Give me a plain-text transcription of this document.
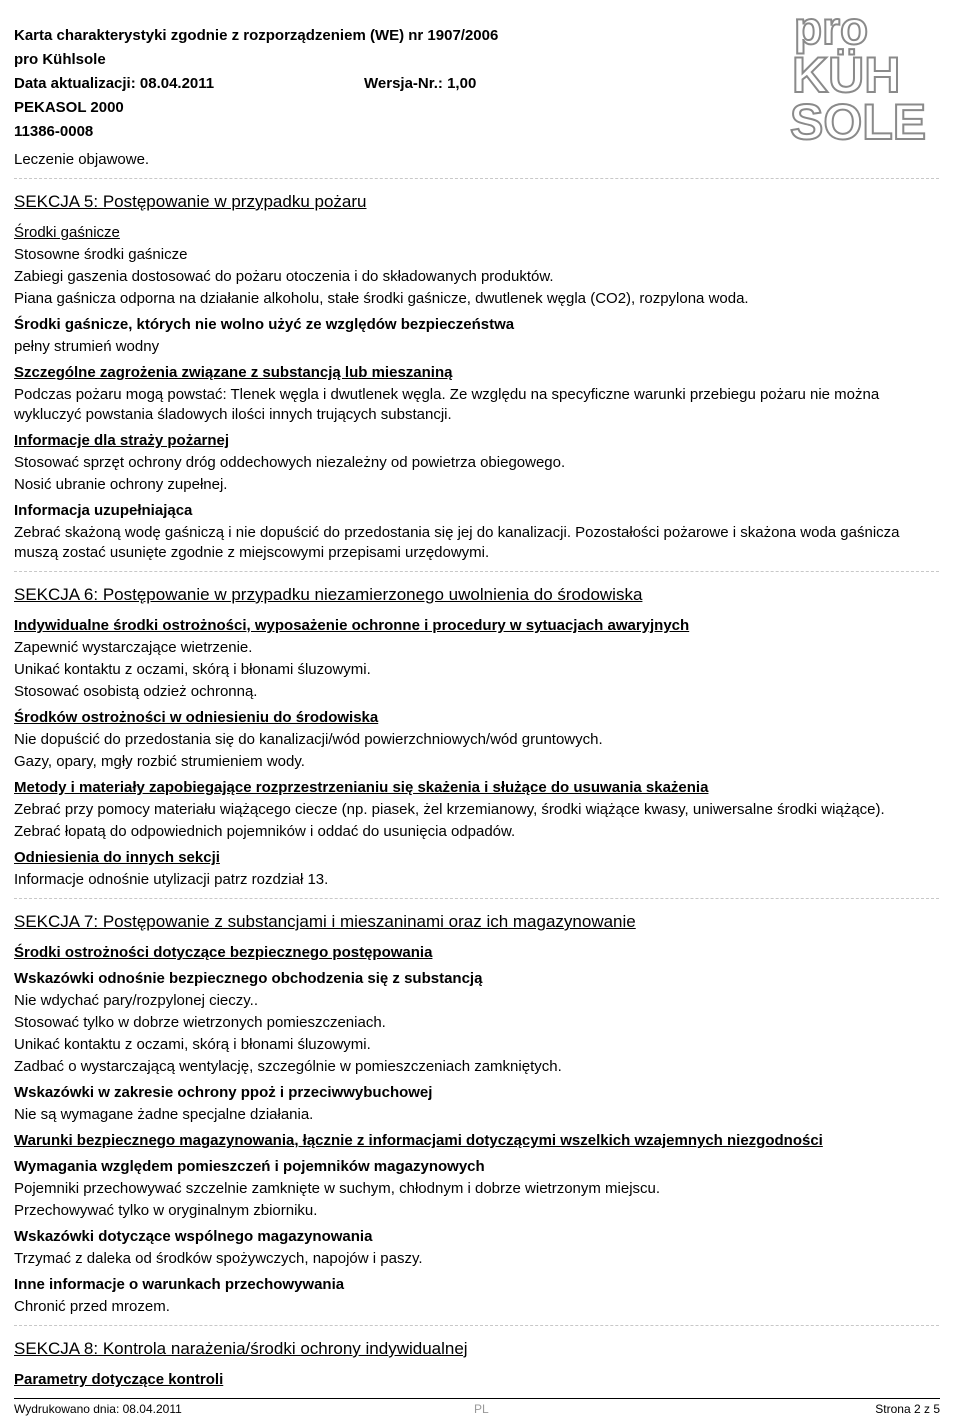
Karta charakterystyki zgodnie z rozporządzeniem (WE) nr 1907/2006
pro Kühlsole
Data aktualizacji: 08.04.2011	Wersja-Nr.: 1,00
PEKASOL 2000
11386-0008
pro
KÜH
SOLE
Leczenie objawowe.
SEKCJA 5: Postępowanie w przypadku pożaru
Środki gaśnicze
Stosowne środki gaśnicze
Zabiegi gaszenia dostosować do pożaru otoczenia i do składowanych produktów.
Piana gaśnicza odporna na działanie alkoholu, stałe środki gaśnicze, dwutlenek węgla (CO2), rozpylona woda.
Środki gaśnicze, których nie wolno użyć ze względów bezpieczeństwa
pełny strumień wodny
Szczególne zagrożenia związane z substancją lub mieszaniną
Podczas pożaru mogą powstać: Tlenek węgla i dwutlenek węgla. Ze względu na specyficzne warunki przebiegu pożaru nie można wykluczyć powstania śladowych ilości innych trujących substancji.
Informacje dla straży pożarnej
Stosować sprzęt ochrony dróg oddechowych niezależny od powietrza obiegowego.
Nosić ubranie ochrony zupełnej.
Informacja uzupełniająca
Zebrać skażoną wodę gaśniczą i nie dopuścić do przedostania się jej do kanalizacji. Pozostałości pożarowe i skażona woda gaśnicza muszą zostać usunięte zgodnie z miejscowymi przepisami urzędowymi.
SEKCJA 6: Postępowanie w przypadku niezamierzonego uwolnienia do środowiska
Indywidualne środki ostrożności, wyposażenie ochronne i procedury w sytuacjach awaryjnych
Zapewnić wystarczające wietrzenie.
Unikać kontaktu z oczami, skórą i błonami śluzowymi.
Stosować osobistą odzież ochronną.
Środków ostrożności w odniesieniu do środowiska
Nie dopuścić do przedostania się do kanalizacji/wód powierzchniowych/wód gruntowych.
Gazy, opary, mgły rozbić strumieniem wody.
Metody i materiały zapobiegające rozprzestrzenianiu się skażenia i służące do usuwania skażenia
Zebrać przy pomocy materiału wiążącego ciecze (np. piasek, żel krzemianowy, środki wiążące kwasy, uniwersalne środki wiążące).
Zebrać łopatą do odpowiednich pojemników i oddać do usunięcia odpadów.
Odniesienia do innych sekcji
Informacje odnośnie utylizacji patrz rozdział 13.
SEKCJA 7: Postępowanie z substancjami i mieszaninami oraz ich magazynowanie
Środki ostrożności dotyczące bezpiecznego postępowania
Wskazówki odnośnie bezpiecznego obchodzenia się z substancją
Nie wdychać pary/rozpylonej cieczy..
Stosować tylko w dobrze wietrzonych pomieszczeniach.
Unikać kontaktu z oczami, skórą i błonami śluzowymi.
Zadbać o wystarczającą wentylację, szczególnie w pomieszczeniach zamkniętych.
Wskazówki w zakresie ochrony ppoż i przeciwwybuchowej
Nie są wymagane żadne specjalne działania.
Warunki bezpiecznego magazynowania, łącznie z informacjami dotyczącymi wszelkich wzajemnych niezgodności
Wymagania względem pomieszczeń i pojemników magazynowych
Pojemniki przechowywać szczelnie zamknięte w suchym, chłodnym i dobrze wietrzonym miejscu.
Przechowywać tylko w oryginalnym zbiorniku.
Wskazówki dotyczące wspólnego magazynowania
Trzymać z daleka od środków spożywczych, napojów i paszy.
Inne informacje o warunkach przechowywania
Chronić przed mrozem.
SEKCJA 8: Kontrola narażenia/środki ochrony indywidualnej
Parametry dotyczące kontroli
Wydrukowano dnia: 08.04.2011	PL	Strona 2 z 5
